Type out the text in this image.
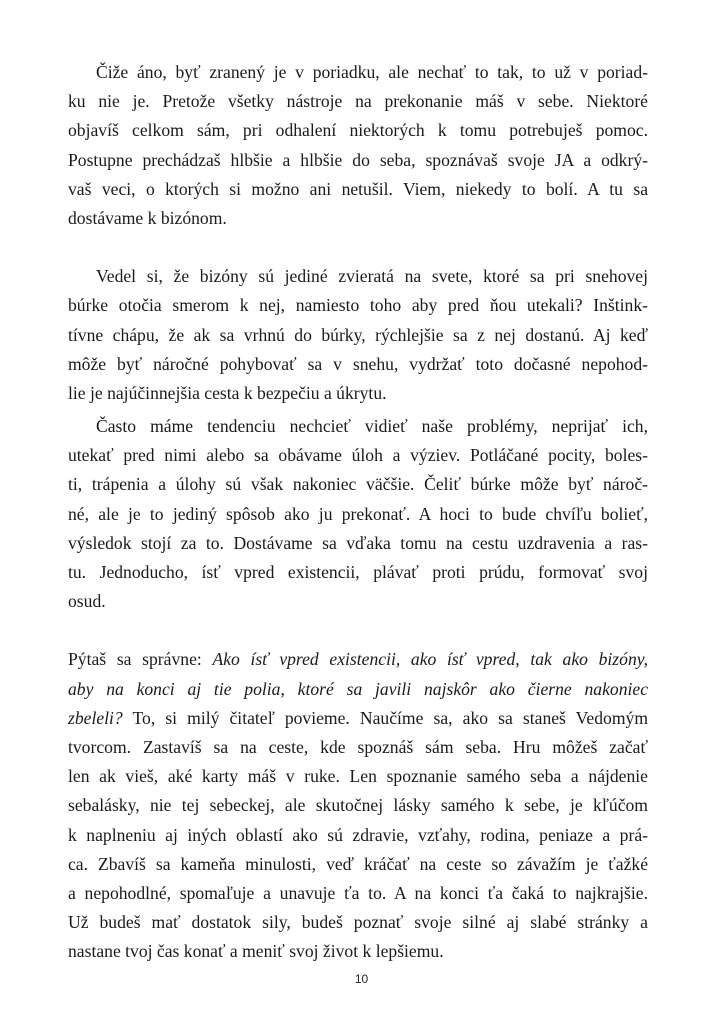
Čiže áno, byť zranený je v poriadku, ale nechať to tak, to už v poriad-
ku nie je. Pretože všetky nástroje na prekonanie máš v sebe. Niektoré
objavíš celkom sám, pri odhalení niektorých k tomu potrebuješ pomoc.
Postupne prechádzaš hlbšie a hlbšie do seba, spoznávaš svoje JA a odkrý-
vaš veci, o ktorých si možno ani netušil. Viem, niekedy to bolí. A tu sa
dostávame k bizónom.
Vedel si, že bizóny sú jediné zvieratá na svete, ktoré sa pri snehovej
búrke otočia smerom k nej, namiesto toho aby pred ňou utekali? Inštink-
tívne chápu, že ak sa vrhnú do búrky, rýchlejšie sa z nej dostanú. Aj keď
môže byť náročné pohybovať sa v snehu, vydržať toto dočasné nepohod-
lie je najúčinnejšia cesta k bezpečiu a úkrytu.
Často máme tendenciu nechcieť vidieť naše problémy, neprijať ich,
utekať pred nimi alebo sa obávame úloh a výziev. Potláčané pocity, boles-
ti, trápenia a úlohy sú však nakoniec väčšie. Čeliť búrke môže byť nároč-
né, ale je to jediný spôsob ako ju prekonať. A hoci to bude chvíľu bolieť,
výsledok stojí za to. Dostávame sa vďaka tomu na cestu uzdravenia a ras-
tu. Jednoducho, ísť vpred existencii, plávať proti prúdu, formovať svoj
osud.
Pýtaš sa správne: Ako ísť vpred existencii, ako ísť vpred, tak ako bizóny,
aby na konci aj tie polia, ktoré sa javili najskôr ako čierne nakoniec
zbeleli? To, si milý čitateľ povieme. Naučíme sa, ako sa staneš Vedomým
tvorcom. Zastavíš sa na ceste, kde spoznáš sám seba. Hru môžeš začať
len ak vieš, aké karty máš v ruke. Len spoznanie samého seba a nájdenie
sebalásky, nie tej sebeckej, ale skutočnej lásky samého k sebe, je kľúčom
k naplneniu aj iných oblastí ako sú zdravie, vzťahy, rodina, peniaze a prá-
ca. Zbavíš sa kameňa minulosti, veď kráčať na ceste so závažím je ťažké
a nepohodlné, spomaľuje a unavuje ťa to. A na konci ťa čaká to najkrajšie.
Už budeš mať dostatok sily, budeš poznať svoje silné aj slabé stránky a
nastane tvoj čas konať a meniť svoj život k lepšiemu.
10
